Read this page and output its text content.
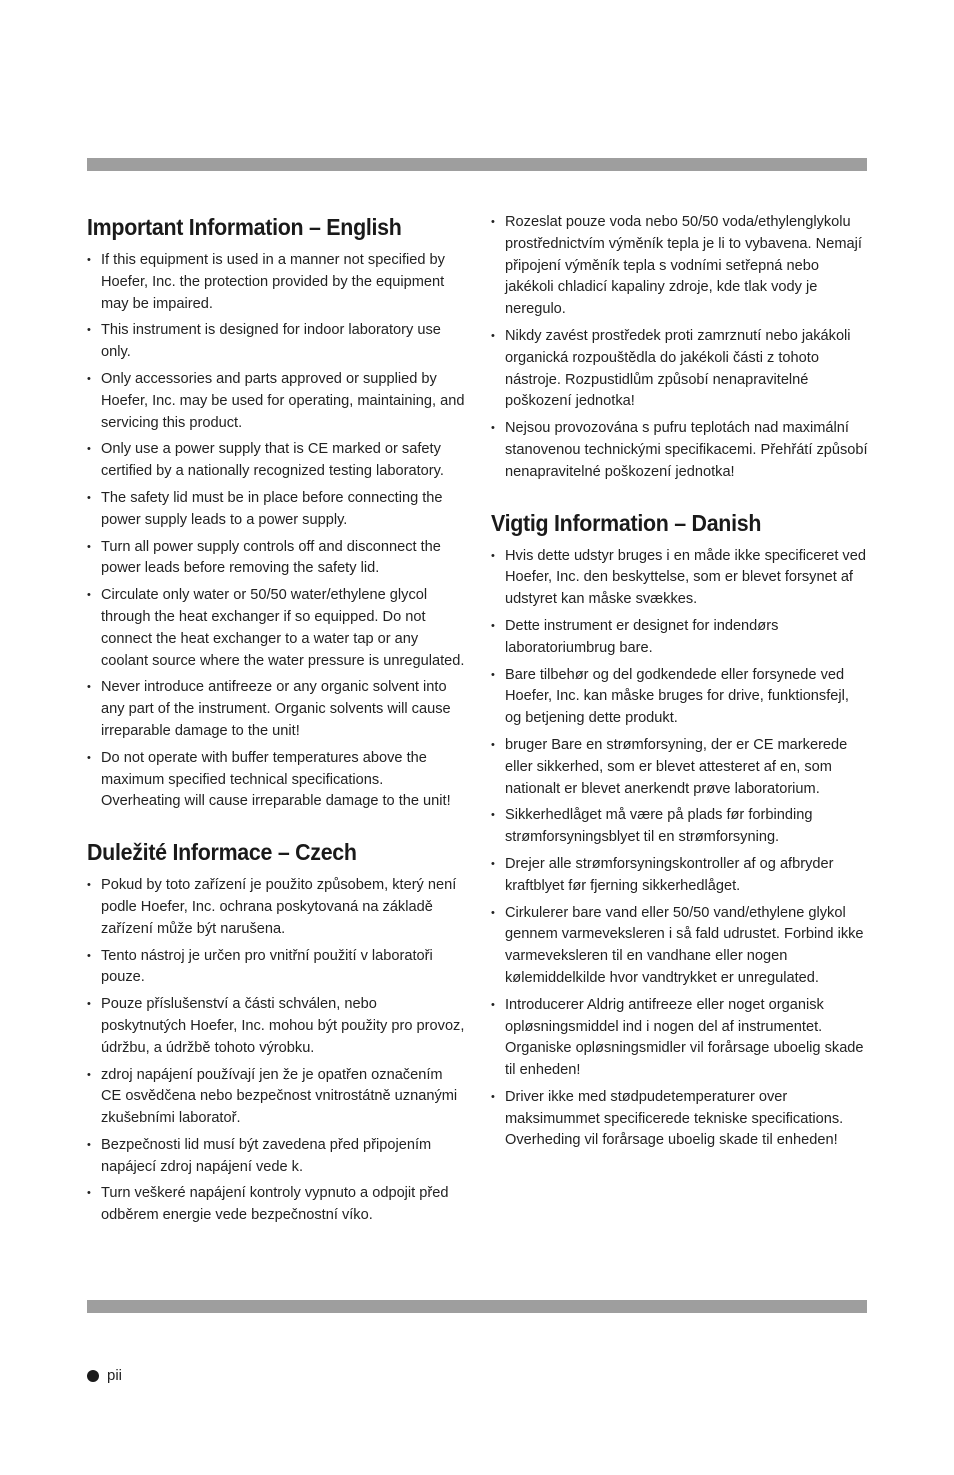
Important Information – English
• If this equipment is used in a manner not specified by Hoefer, Inc. the protection provided by the equipment may be impaired.
• This instrument is designed for indoor laboratory use only.
• Only accessories and parts approved or supplied by Hoefer, Inc. may be used for operating, maintaining, and servicing this product.
• Only use a power supply that is CE marked or safety certified by a nationally recognized testing laboratory.
• The safety lid must be in place before connecting the power supply leads to a power supply.
• Turn all power supply controls off and disconnect the power leads before removing the safety lid.
• Circulate only water or 50/50 water/ethylene glycol through the heat exchanger if so equipped. Do not connect the heat exchanger to a water tap or any coolant source where the water pressure is unregulated.
• Never introduce antifreeze or any organic solvent into any part of the instrument. Organic solvents will cause irreparable damage to the unit!
• Do not operate with buffer temperatures above the maximum specified technical specifications. Overheating will cause irreparable damage to the unit!
Duležité Informace – Czech
• Pokud by toto zařízení je použito způsobem, který není podle Hoefer, Inc. ochrana poskytovaná na základě zařízení může být narušena.
• Tento nástroj je určen pro vnitřní použití v laboratoři pouze.
• Pouze příslušenství a části schválen, nebo poskytnutých Hoefer, Inc. mohou být použity pro provoz, údržbu, a údržbě tohoto výrobku.
• zdroj napájení používají jen že je opatřen označením CE osvědčena nebo bezpečnost vnitrostátně uznanými zkušebními laboratoř.
• Bezpečnosti lid musí být zavedena před připojením napájecí zdroj napájení vede k.
• Turn veškeré napájení kontroly vypnuto a odpojit před odběrem energie vede bezpečnostní víko.
• Rozeslat pouze voda nebo 50/50 voda/ethylenglykolu prostřednictvím výměník tepla je li to vybavena. Nemají připojení výměník tepla s vodními setřepná nebo jakékoli chladicí kapaliny zdroje, kde tlak vody je neregulo.
• Nikdy zavést prostředek proti zamrznutí nebo jakákoli organická rozpouštědla do jakékoli části z tohoto nástroje. Rozpustidlům způsobí nenapravitelné poškození jednotka!
• Nejsou provozována s pufru teplotách nad maximální stanovenou technickými specifikacemi. Přehřátí způsobí nenapravitelné poškození jednotka!
Vigtig Information – Danish
• Hvis dette udstyr bruges i en måde ikke specificeret ved Hoefer, Inc. den beskyttelse, som er blevet forsynet af udstyret kan måske svækkes.
• Dette instrument er designet for indendørs laboratoriumbrug bare.
• Bare tilbehør og del godkendede eller forsynede ved Hoefer, Inc. kan måske bruges for drive, funktionsfejl, og betjening dette produkt.
• bruger Bare en strømforsyning, der er CE markerede eller sikkerhed, som er blevet attesteret af en, som nationalt er blevet anerkendt prøve laboratorium.
• Sikkerhedlåget må være på plads før forbinding strømforsyningsblyet til en strømforsyning.
• Drejer alle strømforsyningskontroller af og afbryder kraftblyet før fjerning sikkerhedlåget.
• Cirkulerer bare vand eller 50/50 vand/ethylene glykol gennem varmeveksleren i så fald udrustet. Forbind ikke varmeveksleren til en vandhane eller nogen kølemiddelkilde hvor vandtrykket er unregulated.
• Introducerer Aldrig antifreeze eller noget organisk opløsningsmiddel ind i nogen del af instrumentet. Organiske opløsningsmidler vil forårsage uboelig skade til enheden!
• Driver ikke med stødpudetemperaturer over maksimummet specificerede tekniske specifications. Overheding vil forårsage uboelig skade til enheden!
pii
